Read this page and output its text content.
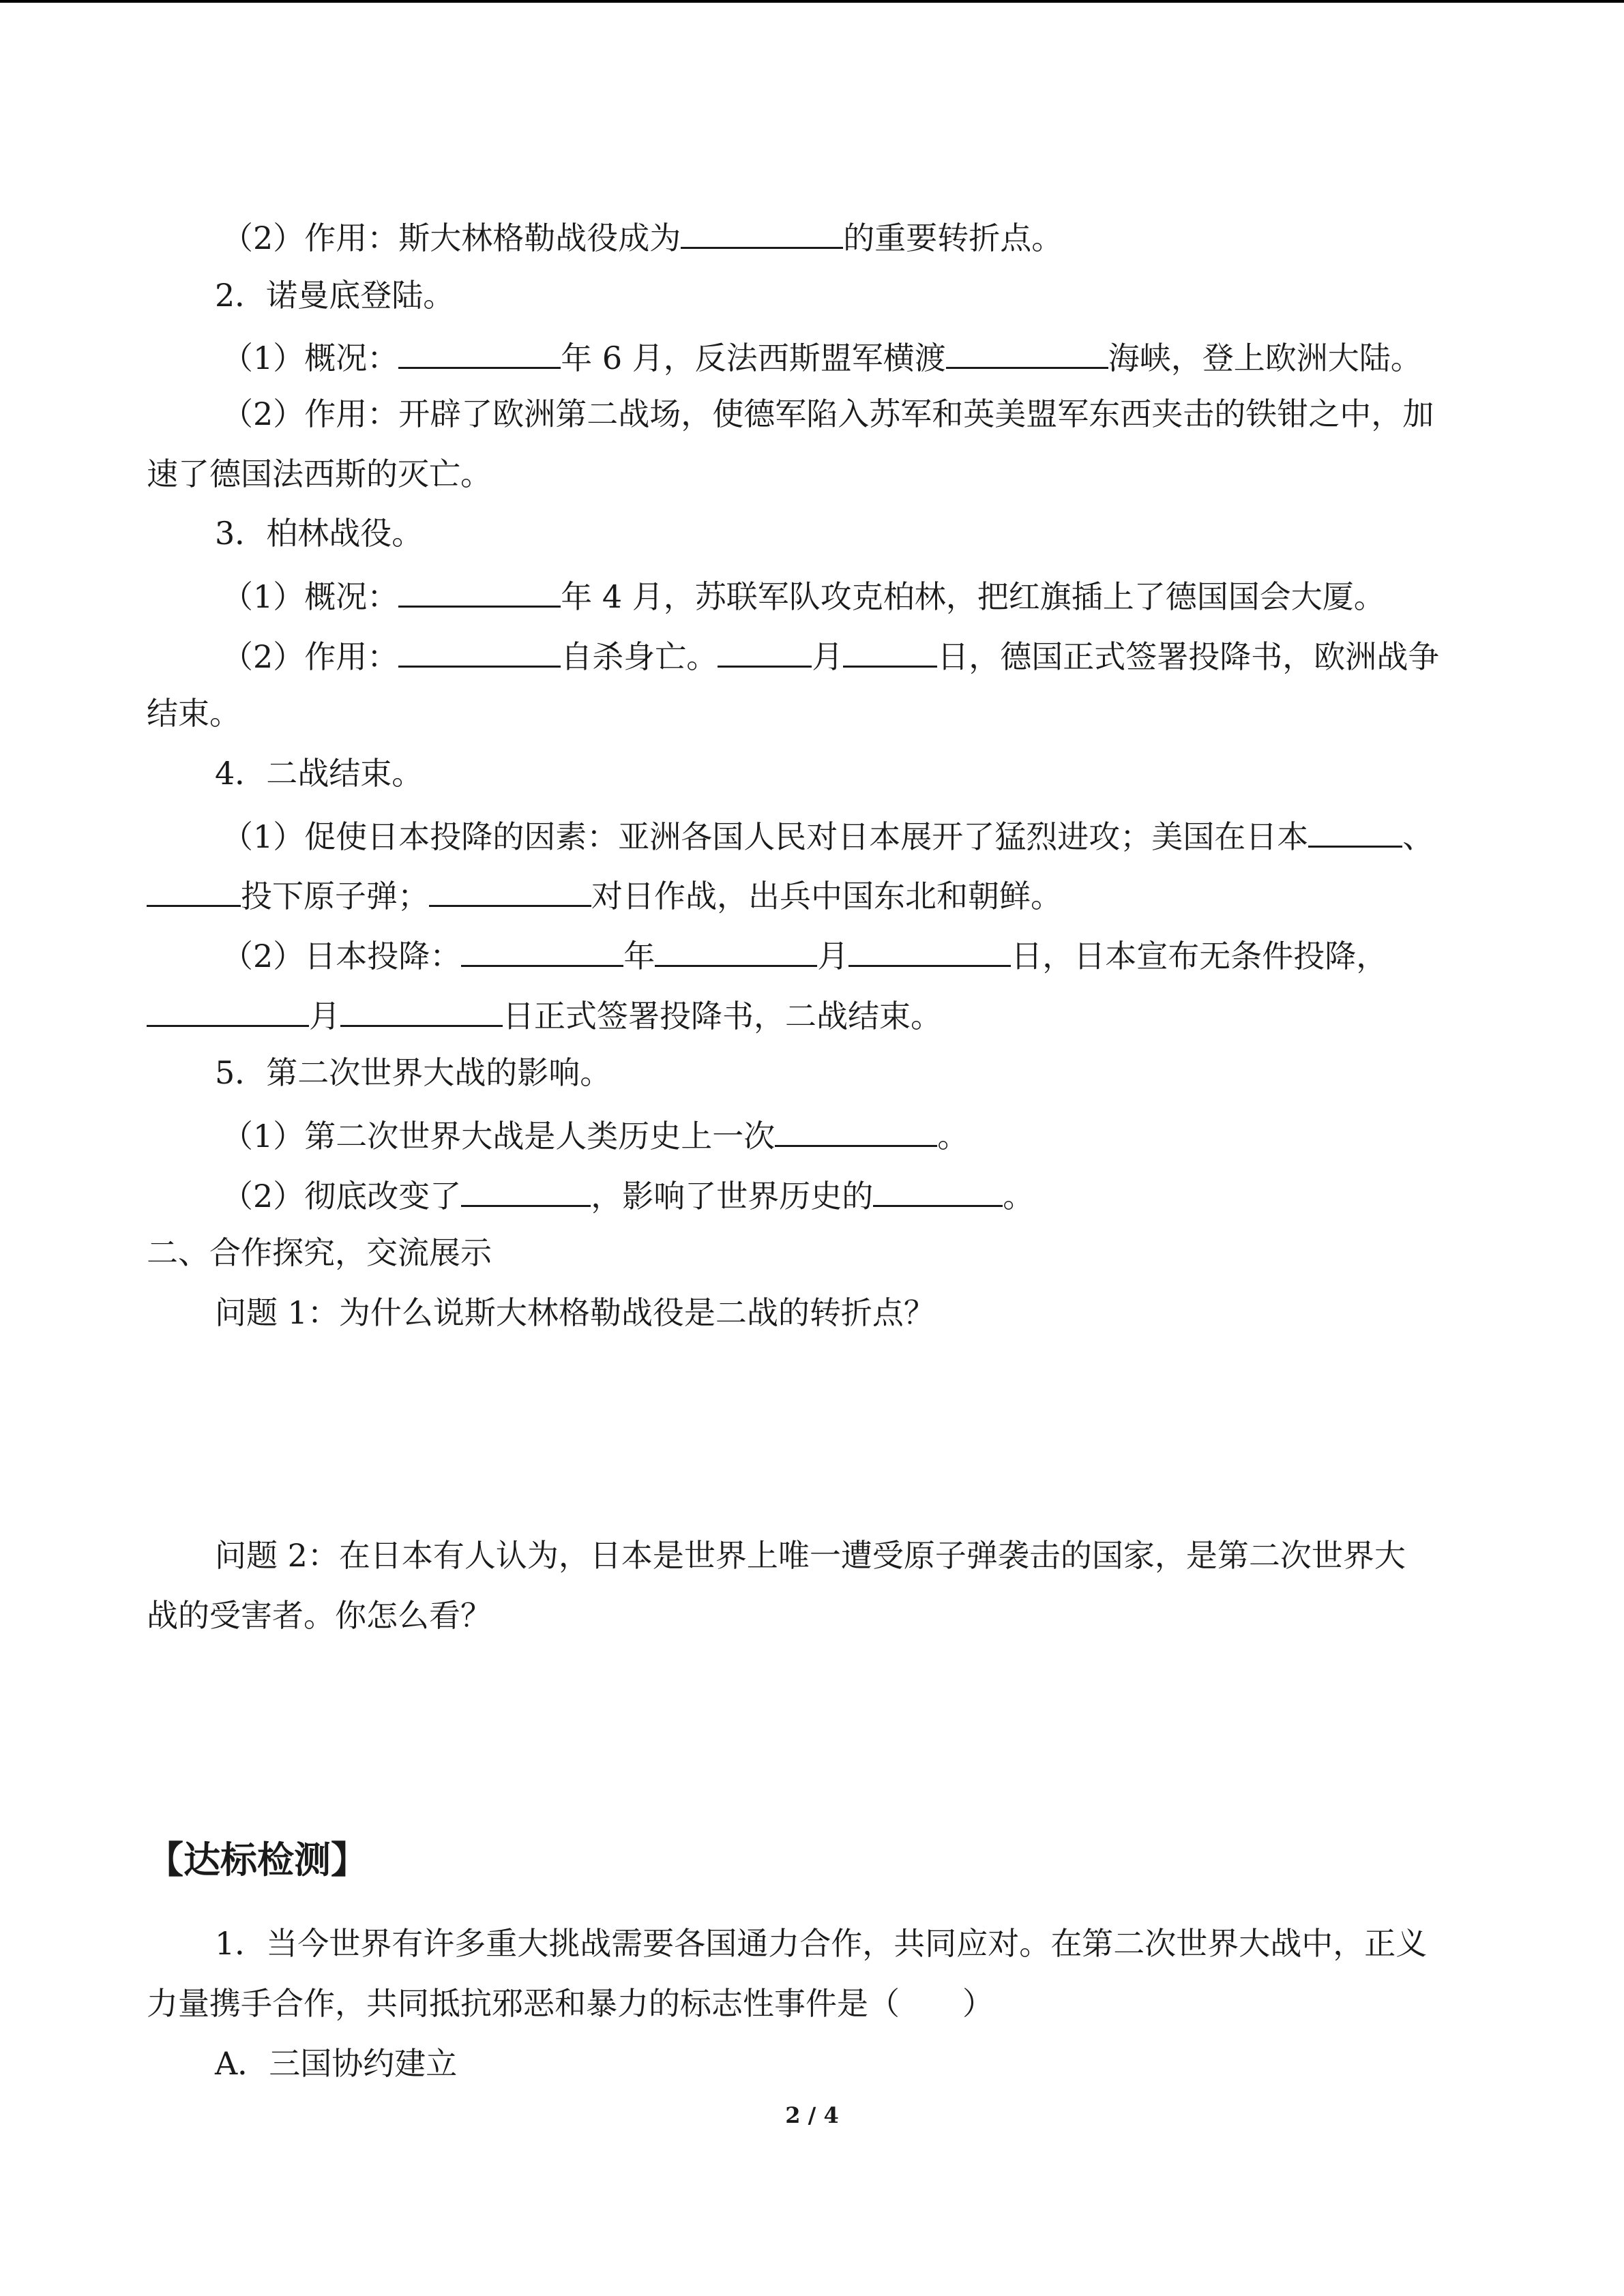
（2）作用：斯大林格勒战役成为	的重要转折点。
2．诺曼底登陆。
（1）概况：	年 6 月，反法西斯盟军横渡	海峡，登上欧洲大陆。
（2）作用：开辟了欧洲第二战场，使德军陷入苏军和英美盟军东西夹击的铁钳之中，加
速了德国法西斯的灭亡。
3．柏林战役。
（1）概况：	年 4 月，苏联军队攻克柏林，把红旗插上了德国国会大厦。
（2）作用：	自杀身亡。	月	日，德国正式签署投降书，欧洲战争
结束。
4．二战结束。
（1）促使日本投降的因素：亚洲各国人民对日本展开了猛烈进攻；美国在日本	、
投下原子弹；	对日作战，出兵中国东北和朝鲜。
（2）日本投降：	年	月	日，日本宣布无条件投降，
月	日正式签署投降书，二战结束。
5．第二次世界大战的影响。
（1）第二次世界大战是人类历史上一次	。
（2）彻底改变了	，影响了世界历史的	。
二、合作探究，交流展示
问题 1：为什么说斯大林格勒战役是二战的转折点？
问题 2：在日本有人认为，日本是世界上唯一遭受原子弹袭击的国家，是第二次世界大
战的受害者。你怎么看？
【达标检测】
1．当今世界有许多重大挑战需要各国通力合作，共同应对。在第二次世界大战中，正义
力量携手合作，共同抵抗邪恶和暴力的标志性事件是（　　）
A．三国协约建立
2 / 4
